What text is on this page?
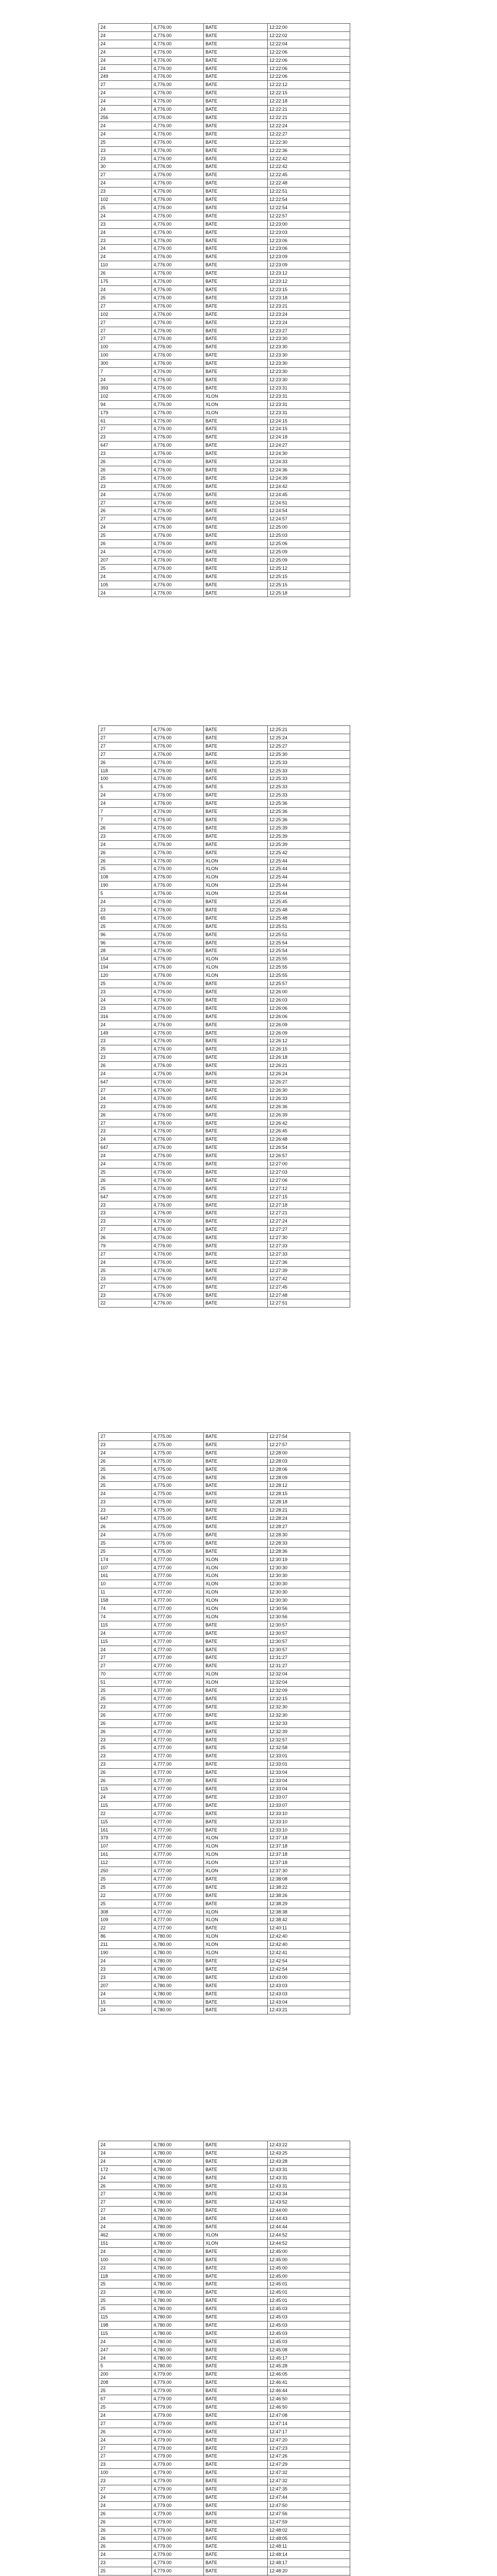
24	4,776.00	BATE	12:22:00
24	4,776.00	BATE	12:22:02
24	4,776.00	BATE	12:22:04
24	4,776.00	BATE	12:22:06
24	4,776.00	BATE	12:22:06
24	4,776.00	BATE	12:22:06
249	4,776.00	BATE	12:22:06
27	4,776.00	BATE	12:22:12
24	4,776.00	BATE	12:22:15
24	4,776.00	BATE	12:22:18
24	4,776.00	BATE	12:22:21
256	4,776.00	BATE	12:22:21
24	4,776.00	BATE	12:22:24
24	4,776.00	BATE	12:22:27
25	4,776.00	BATE	12:22:30
23	4,776.00	BATE	12:22:36
23	4,776.00	BATE	12:22:42
30	4,776.00	BATE	12:22:42
27	4,776.00	BATE	12:22:45
24	4,776.00	BATE	12:22:48
23	4,776.00	BATE	12:22:51
102	4,776.00	BATE	12:22:54
25	4,776.00	BATE	12:22:54
24	4,776.00	BATE	12:22:57
23	4,776.00	BATE	12:23:00
24	4,776.00	BATE	12:23:03
23	4,776.00	BATE	12:23:06
24	4,776.00	BATE	12:23:06
24	4,776.00	BATE	12:23:09
110	4,776.00	BATE	12:23:09
26	4,776.00	BATE	12:23:12
175	4,776.00	BATE	12:23:12
24	4,776.00	BATE	12:23:15
25	4,776.00	BATE	12:23:18
27	4,776.00	BATE	12:23:21
102	4,776.00	BATE	12:23:24
27	4,776.00	BATE	12:23:24
27	4,776.00	BATE	12:23:27
27	4,776.00	BATE	12:23:30
100	4,776.00	BATE	12:23:30
100	4,776.00	BATE	12:23:30
300	4,776.00	BATE	12:23:30
7	4,776.00	BATE	12:23:30
24	4,776.00	BATE	12:23:30
393	4,776.00	BATE	12:23:31
102	4,776.00	XLON	12:23:31
94	4,776.00	XLON	12:23:31
179	4,776.00	XLON	12:23:31
61	4,776.00	BATE	12:24:15
27	4,776.00	BATE	12:24:15
23	4,776.00	BATE	12:24:18
647	4,776.00	BATE	12:24:27
23	4,776.00	BATE	12:24:30
26	4,776.00	BATE	12:24:33
26	4,776.00	BATE	12:24:36
25	4,776.00	BATE	12:24:39
23	4,776.00	BATE	12:24:42
24	4,776.00	BATE	12:24:45
27	4,776.00	BATE	12:24:51
26	4,776.00	BATE	12:24:54
27	4,776.00	BATE	12:24:57
24	4,776.00	BATE	12:25:00
25	4,776.00	BATE	12:25:03
26	4,776.00	BATE	12:25:06
24	4,776.00	BATE	12:25:09
207	4,776.00	BATE	12:25:09
25	4,776.00	BATE	12:25:12
24	4,776.00	BATE	12:25:15
105	4,776.00	BATE	12:25:15
24	4,776.00	BATE	12:25:18
27	4,776.00	BATE	12:25:21
27	4,776.00	BATE	12:25:24
27	4,776.00	BATE	12:25:27
27	4,776.00	BATE	12:25:30
26	4,776.00	BATE	12:25:33
118	4,776.00	BATE	12:25:33
100	4,776.00	BATE	12:25:33
5	4,776.00	BATE	12:25:33
24	4,776.00	BATE	12:25:33
24	4,776.00	BATE	12:25:36
7	4,776.00	BATE	12:25:36
7	4,776.00	BATE	12:25:36
26	4,776.00	BATE	12:25:39
23	4,776.00	BATE	12:25:39
24	4,776.00	BATE	12:25:39
26	4,776.00	BATE	12:25:42
26	4,776.00	XLON	12:25:44
25	4,776.00	XLON	12:25:44
108	4,776.00	XLON	12:25:44
190	4,776.00	XLON	12:25:44
5	4,776.00	XLON	12:25:44
24	4,776.00	BATE	12:25:45
23	4,776.00	BATE	12:25:48
65	4,776.00	BATE	12:25:48
25	4,776.00	BATE	12:25:51
96	4,776.00	BATE	12:25:51
96	4,776.00	BATE	12:25:54
28	4,776.00	BATE	12:25:54
154	4,776.00	XLON	12:25:55
194	4,776.00	XLON	12:25:55
120	4,776.00	XLON	12:25:55
25	4,776.00	BATE	12:25:57
23	4,776.00	BATE	12:26:00
24	4,776.00	BATE	12:26:03
23	4,776.00	BATE	12:26:06
316	4,776.00	BATE	12:26:06
24	4,776.00	BATE	12:26:09
149	4,776.00	BATE	12:26:09
23	4,776.00	BATE	12:26:12
25	4,776.00	BATE	12:26:15
23	4,776.00	BATE	12:26:18
26	4,776.00	BATE	12:26:21
24	4,776.00	BATE	12:26:24
647	4,776.00	BATE	12:26:27
27	4,776.00	BATE	12:26:30
24	4,776.00	BATE	12:26:33
23	4,776.00	BATE	12:26:36
26	4,776.00	BATE	12:26:39
27	4,776.00	BATE	12:26:42
23	4,776.00	BATE	12:26:45
24	4,776.00	BATE	12:26:48
647	4,776.00	BATE	12:26:54
24	4,776.00	BATE	12:26:57
24	4,776.00	BATE	12:27:00
25	4,776.00	BATE	12:27:03
26	4,776.00	BATE	12:27:06
25	4,776.00	BATE	12:27:12
647	4,776.00	BATE	12:27:15
23	4,776.00	BATE	12:27:18
23	4,776.00	BATE	12:27:21
23	4,776.00	BATE	12:27:24
27	4,776.00	BATE	12:27:27
26	4,776.00	BATE	12:27:30
79	4,776.00	BATE	12:27:33
27	4,776.00	BATE	12:27:33
24	4,776.00	BATE	12:27:36
25	4,776.00	BATE	12:27:39
23	4,776.00	BATE	12:27:42
27	4,776.00	BATE	12:27:45
23	4,776.00	BATE	12:27:48
22	4,776.00	BATE	12:27:51
27	4,775.00	BATE	12:27:54
23	4,775.00	BATE	12:27:57
24	4,775.00	BATE	12:28:00
26	4,775.00	BATE	12:28:03
25	4,775.00	BATE	12:28:06
26	4,775.00	BATE	12:28:09
25	4,775.00	BATE	12:28:12
24	4,775.00	BATE	12:28:15
23	4,775.00	BATE	12:28:18
23	4,775.00	BATE	12:28:21
647	4,775.00	BATE	12:28:24
26	4,775.00	BATE	12:28:27
24	4,775.00	BATE	12:28:30
25	4,775.00	BATE	12:28:33
25	4,775.00	BATE	12:28:36
174	4,777.00	XLON	12:30:19
107	4,777.00	XLON	12:30:30
161	4,777.00	XLON	12:30:30
10	4,777.00	XLON	12:30:30
11	4,777.00	XLON	12:30:30
158	4,777.00	XLON	12:30:30
74	4,777.00	XLON	12:30:56
74	4,777.00	XLON	12:30:56
115	4,777.00	BATE	12:30:57
24	4,777.00	BATE	12:30:57
115	4,777.00	BATE	12:30:57
24	4,777.00	BATE	12:30:57
27	4,777.00	BATE	12:31:27
27	4,777.00	BATE	12:31:27
70	4,777.00	XLON	12:32:04
51	4,777.00	XLON	12:32:04
25	4,777.00	BATE	12:32:09
25	4,777.00	BATE	12:32:15
23	4,777.00	BATE	12:32:30
26	4,777.00	BATE	12:32:30
26	4,777.00	BATE	12:32:33
26	4,777.00	BATE	12:32:39
23	4,777.00	BATE	12:32:57
25	4,777.00	BATE	12:32:58
23	4,777.00	BATE	12:33:01
23	4,777.00	BATE	12:33:01
26	4,777.00	BATE	12:33:04
26	4,777.00	BATE	12:33:04
115	4,777.00	BATE	12:33:04
24	4,777.00	BATE	12:33:07
115	4,777.00	BATE	12:33:07
22	4,777.00	BATE	12:33:10
115	4,777.00	BATE	12:33:10
161	4,777.00	BATE	12:33:10
379	4,777.00	XLON	12:37:18
107	4,777.00	XLON	12:37:18
161	4,777.00	XLON	12:37:18
112	4,777.00	XLON	12:37:18
250	4,777.00	XLON	12:37:30
25	4,777.00	BATE	12:38:08
25	4,777.00	BATE	12:38:22
22	4,777.00	BATE	12:38:26
25	4,777.00	BATE	12:38:29
308	4,777.00	XLON	12:38:38
109	4,777.00	XLON	12:38:42
22	4,777.00	BATE	12:40:11
86	4,780.00	XLON	12:42:40
211	4,780.00	XLON	12:42:40
190	4,780.00	XLON	12:42:41
24	4,780.00	BATE	12:42:54
23	4,780.00	BATE	12:42:54
23	4,780.00	BATE	12:43:00
207	4,780.00	BATE	12:43:03
24	4,780.00	BATE	12:43:03
15	4,780.00	BATE	12:43:04
24	4,780.00	BATE	12:43:21
24	4,780.00	BATE	12:43:22
24	4,780.00	BATE	12:43:25
24	4,780.00	BATE	12:43:28
172	4,780.00	BATE	12:43:31
24	4,780.00	BATE	12:43:31
26	4,780.00	BATE	12:43:31
27	4,780.00	BATE	12:43:34
27	4,780.00	BATE	12:43:52
27	4,780.00	BATE	12:44:00
24	4,780.00	BATE	12:44:43
24	4,780.00	BATE	12:44:44
462	4,780.00	XLON	12:44:52
151	4,780.00	XLON	12:44:52
24	4,780.00	BATE	12:45:00
100	4,780.00	BATE	12:45:00
23	4,780.00	BATE	12:45:00
118	4,780.00	BATE	12:45:00
25	4,780.00	BATE	12:45:01
23	4,780.00	BATE	12:45:01
25	4,780.00	BATE	12:45:01
25	4,780.00	BATE	12:45:03
115	4,780.00	BATE	12:45:03
198	4,780.00	BATE	12:45:03
115	4,780.00	BATE	12:45:03
24	4,780.00	BATE	12:45:03
247	4,780.00	BATE	12:45:08
24	4,780.00	BATE	12:45:17
5	4,780.00	BATE	12:45:28
200	4,779.00	BATE	12:46:05
208	4,779.00	BATE	12:46:41
25	4,779.00	BATE	12:46:44
67	4,779.00	BATE	12:46:50
25	4,779.00	BATE	12:46:50
24	4,779.00	BATE	12:47:08
27	4,779.00	BATE	12:47:14
26	4,779.00	BATE	12:47:17
24	4,779.00	BATE	12:47:20
27	4,779.00	BATE	12:47:23
27	4,779.00	BATE	12:47:26
23	4,779.00	BATE	12:47:29
100	4,779.00	BATE	12:47:32
23	4,779.00	BATE	12:47:32
27	4,779.00	BATE	12:47:35
24	4,779.00	BATE	12:47:44
24	4,779.00	BATE	12:47:50
26	4,779.00	BATE	12:47:56
26	4,779.00	BATE	12:47:59
26	4,779.00	BATE	12:48:02
26	4,779.00	BATE	12:48:05
26	4,779.00	BATE	12:48:11
24	4,779.00	BATE	12:48:14
23	4,779.00	BATE	12:48:17
25	4,779.00	BATE	12:48:20
